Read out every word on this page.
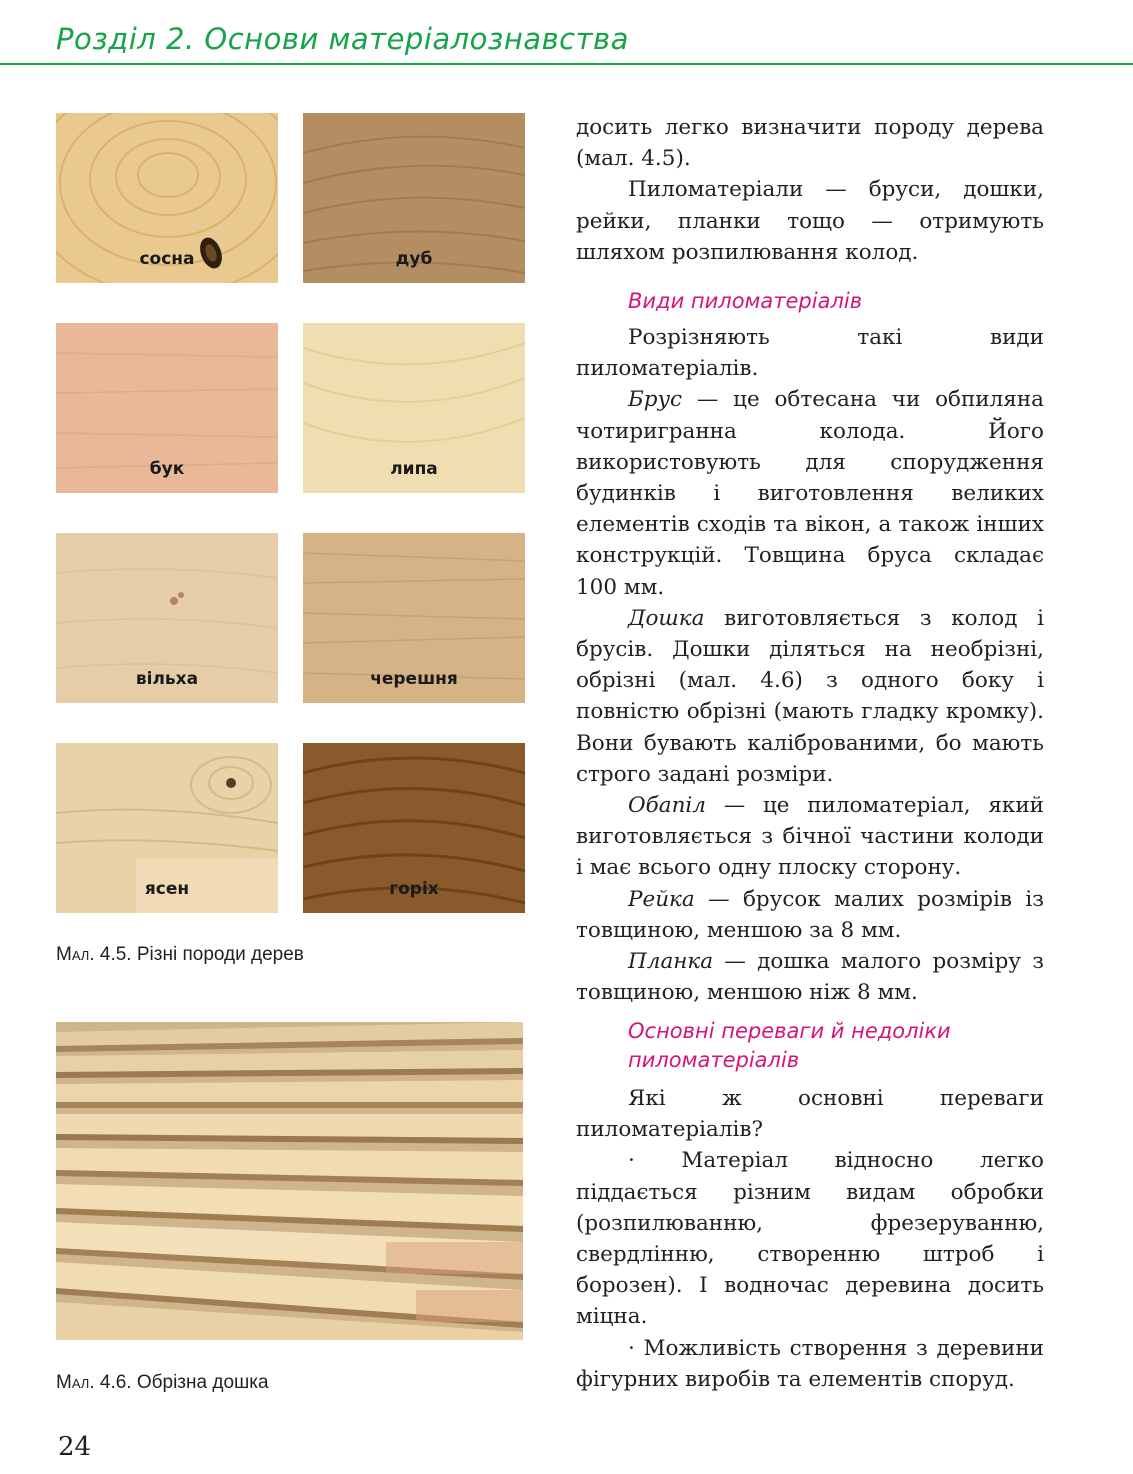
Розділ 2. Основи матеріалознавства
сосна	дуб
бук	липа
вільха	черешня
ясен	горіх
Мал. 4.5. Різні породи дерев
Мал. 4.6. Обрізна дошка

досить легко визначити породу дерева (мал. 4.5).

Пиломатеріали — бруси, дошки, рейки, планки тощо — отримують шляхом розпилювання колод.

Види пиломатеріалів

Розрізняють такі види пиломатеріалів.

Брус — це обтесана чи обпиляна чотиригранна колода. Його використовують для спорудження будинків і виготовлення великих елементів сходів та вікон, а також інших конструкцій. Товщина бруса складає 100 мм.

Дошка виготовляється з колод і брусів. Дошки діляться на необрізні, обрізні (мал. 4.6) з одного боку і повністю обрізні (мають гладку кромку). Вони бувають каліброваними, бо мають строго задані розміри.

Обапіл — це пиломатеріал, який виготовляється з бічної частини колоди і має всього одну плоску сторону.

Рейка — брусок малих розмірів із товщиною, меншою за 8 мм.

Планка — дошка малого розміру з товщиною, меншою ніж 8 мм.

Основні переваги й недоліки
пиломатеріалів

Які ж основні переваги пиломатеріалів?

· Матеріал відносно легко піддається різним видам обробки (розпилюванню, фрезеруванню, свердлінню, створенню штроб і борозен). І водночас деревина досить міцна.

· Можливість створення з деревини фігурних виробів та елементів споруд.

24
